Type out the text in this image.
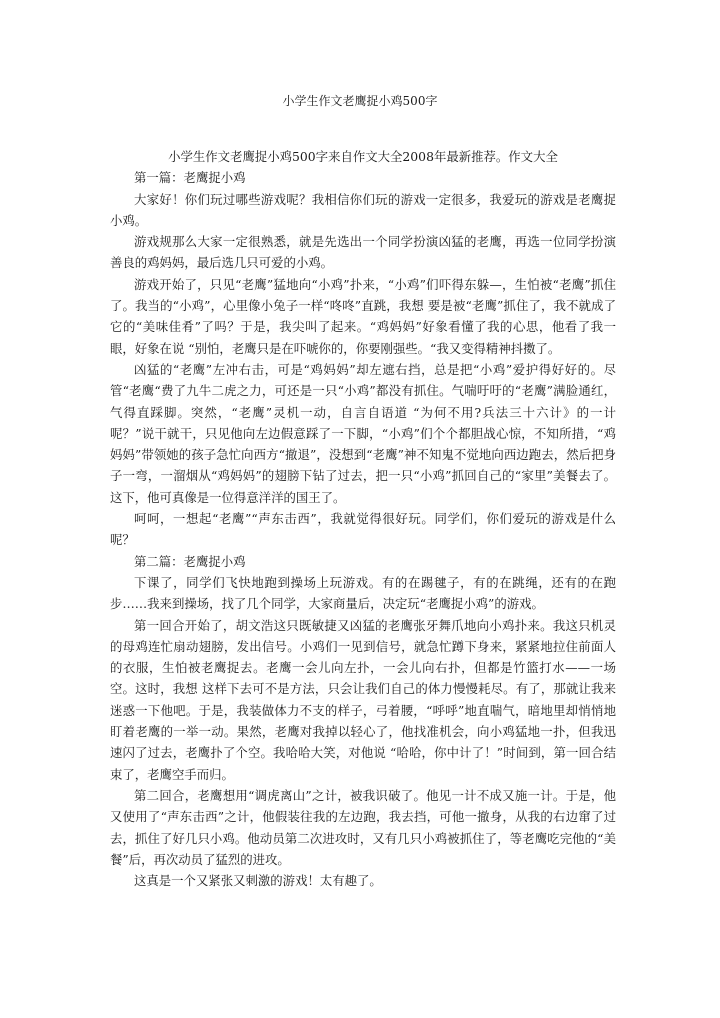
小学生作文老鹰捉小鸡500字

小学生作文老鹰捉小鸡500字来自作文大全2008年最新推荐。作文大全

第一篇：老鹰捉小鸡

大家好！你们玩过哪些游戏呢？我相信你们玩的游戏一定很多，我爱玩的游戏是老鹰捉小鸡。

游戏规那么大家一定很熟悉，就是先选出一个同学扮演凶猛的老鹰，再选一位同学扮演善良的鸡妈妈，最后选几只可爱的小鸡。

游戏开始了，只见“老鹰”猛地向“小鸡”扑来，“小鸡”们吓得东躲—，生怕被“老鹰”抓住了。我当的“小鸡”，心里像小兔子一样“咚咚”直跳，我想 要是被“老鹰”抓住了，我不就成了它的“美味佳肴”了吗？于是，我尖叫了起来。“鸡妈妈”好象看懂了我的心思，他看了我一眼，好象在说 “别怕，老鹰只是在吓唬你的，你要刚强些。“我又变得精神抖擞了。

凶猛的“老鹰”左冲右击，可是“鸡妈妈”却左遮右挡，总是把“小鸡”爱护得好好的。尽管“老鹰“费了九牛二虎之力，可还是一只“小鸡”都没有抓住。气喘吁吁的“老鹰”满脸通红，气得直踩脚。突然，“老鹰”灵机一动，自言自语道 “为何不用?兵法三十六计》的一计呢？”说干就干，只见他向左边假意踩了一下脚，“小鸡”们个个都胆战心惊，不知所措，“鸡妈妈”带领她的孩子急忙向西方“撤退”，没想到“老鹰”神不知鬼不觉地向西边跑去，然后把身子一弯，一溜烟从“鸡妈妈”的翅膀下钻了过去，把一只“小鸡”抓回自己的“家里”美餐去了。这下，他可真像是一位得意洋洋的国王了。

呵呵，一想起“老鹰”“声东击西”，我就觉得很好玩。同学们，你们爱玩的游戏是什么呢？

第二篇：老鹰捉小鸡

下课了，同学们飞快地跑到操场上玩游戏。有的在踢毽子，有的在跳绳，还有的在跑步……我来到操场，找了几个同学，大家商量后，决定玩“老鹰捉小鸡”的游戏。

第一回合开始了，胡文浩这只既敏捷又凶猛的老鹰张牙舞爪地向小鸡扑来。我这只机灵的母鸡连忙扇动翅膀，发出信号。小鸡们一见到信号，就急忙蹲下身来，紧紧地拉住前面人的衣服，生怕被老鹰捉去。老鹰一会儿向左扑，一会儿向右扑，但都是竹篮打水——一场空。这时，我想 这样下去可不是方法，只会让我们自己的体力慢慢耗尽。有了，那就让我来迷惑一下他吧。于是，我装做体力不支的样子，弓着腰，“呼呼”地直喘气，暗地里却悄悄地盯着老鹰的一举一动。果然，老鹰对我掉以轻心了，他找准机会，向小鸡猛地一扑，但我迅速闪了过去，老鹰扑了个空。我哈哈大笑，对他说 “哈哈，你中计了！”时间到，第一回合结束了，老鹰空手而归。

第二回合，老鹰想用“调虎离山”之计，被我识破了。他见一计不成又施一计。于是，他又使用了“声东击西”之计，他假装往我的左边跑，我去挡，可他一撤身，从我的右边窜了过去，抓住了好几只小鸡。他动员第二次进攻时，又有几只小鸡被抓住了，等老鹰吃完他的“美餐”后，再次动员了猛烈的进攻。

这真是一个又紧张又刺激的游戏！太有趣了。
